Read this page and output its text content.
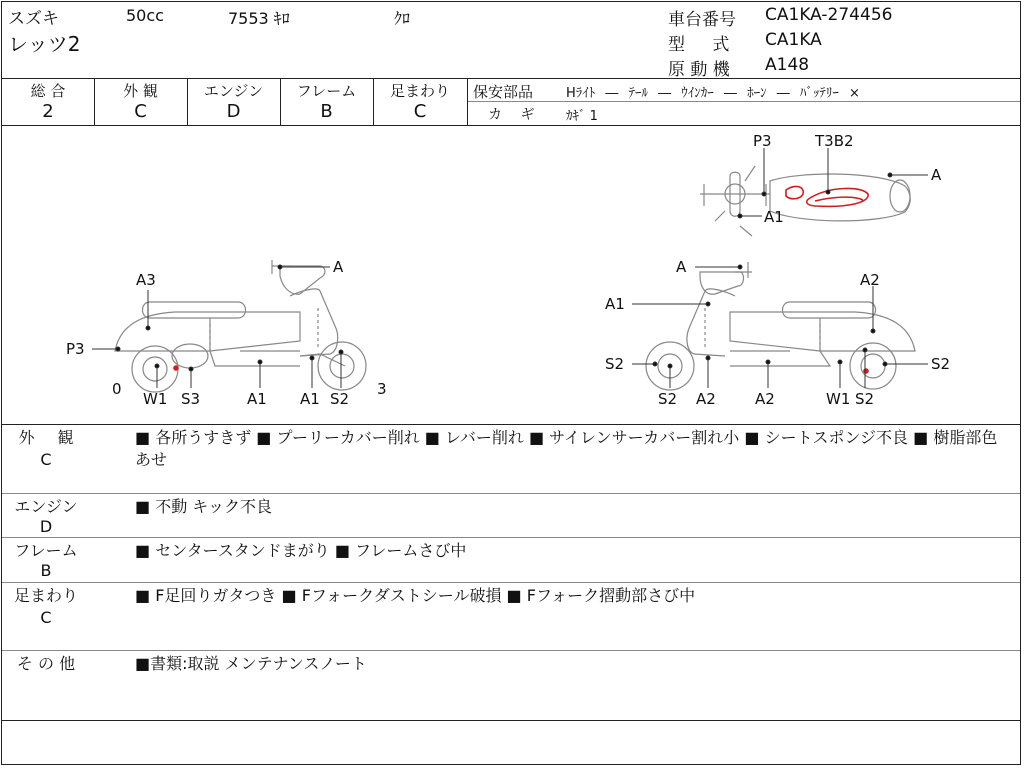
スズキ
レッツ2
50cc	7553 ｷﾛ	ｸﾛ	車台番号 CA1KA-274456
型 式 CA1KA
原 動 機 A148
総 合
2
外 観
C
エンジン
D
フレーム
B
足まわり
C
保安部品	Hﾗｲﾄ ― ﾃｰﾙ ― ｳｲﾝｶｰ ― ﾎｰﾝ ― ﾊﾞｯﾃﾘｰ ×
カ ギ ｶｷﾞ 1
A
A3
P3
0
W1 S3	A1 A1 S2
3
A
A1
A2
S2
S2 A2	A2	W1 S2
S2
P3	T3B2
A
A1
外 観
C
■ 各所うすきず ■ プーリーカバー削れ ■ レバー削れ ■ サイレンサーカバー割れ小 ■ シートスポンジ不良 ■ 樹脂部色あせ
エンジン
D
■ 不動 キック不良
フレーム
B
■ センタースタンドまがり ■ フレームさび中
足まわり
C
■ F足回りガタつき ■ Fフォークダストシール破損 ■ Fフォーク摺動部さび中
そ の 他	■書類:取説 メンテナンスノート
